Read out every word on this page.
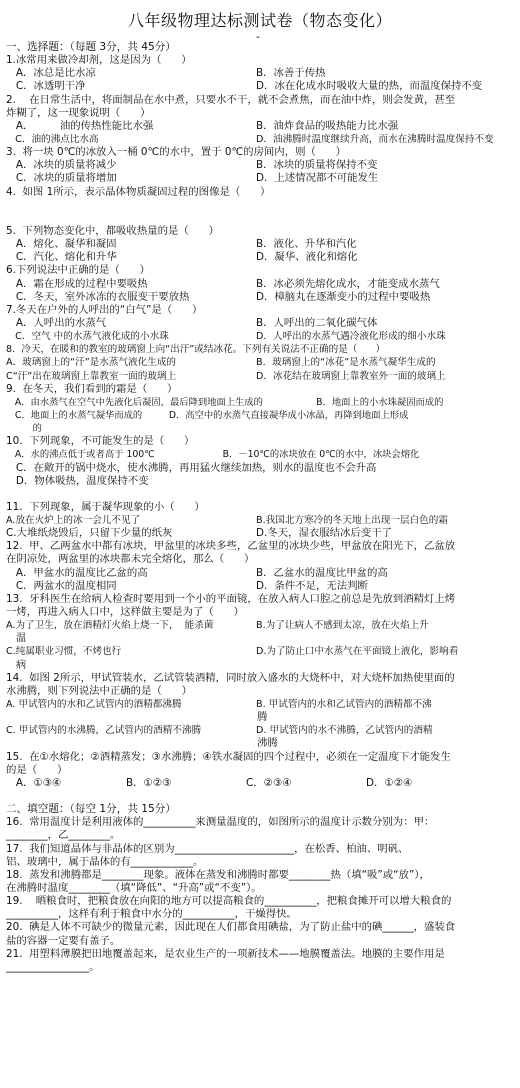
八年级物理达标测试卷（物态变化）
-
一、选择题：（每题 3分，共 45分）
1.冰常用来做冷却剂，这是因为（      ）
A．冰总是比水凉	B．冰善于传热
C．冰透明干净	D．冰在化成水时吸收大量的热，而温度保持不变
2.    在日常生活中，将面制品在水中煮，只要水不干，就不会煮焦，而在油中炸，则会发黄，甚至
炸糊了，这一现象说明（      ）
A．        油的传热性能比水强	B．油炸食品的吸热能力比水强
C．油的沸点比水高	D．油沸腾时温度继续升高，而水在沸腾时温度保持不变
3.  将一块 0℃的冰放入一桶 0℃的水中，置于 0℃的房间内，则（      ）
A．冰块的质量将减少	B．冰块的质量将保持不变
C．冰块的质量将增加	D．上述情况都不可能发生
4.  如图 1所示，表示晶体物质凝固过程的图像是（      ）
5.  下列物态变化中，都吸收热量的是（      ）
A．熔化、凝华和凝固	B．液化、升华和汽化
C．汽化、熔化和升华	D．凝华、液化和熔化
6.下列说法中正确的是（      ）
A．霜在形成的过程中要吸热	B．冰必须先熔化成水，才能变成水蒸气
C．冬天，室外冰冻的衣服变干要放热	D．樟脑丸在逐渐变小的过程中要吸热
7.冬天在户外的人呼出的“白气”是（      ）
A．人呼出的水蒸气	B．人呼出的二氧化碳气体
C．空气 中的水蒸气液化成的小水珠	D．人呼出的水蒸气遇冷液化形成的细小水珠
8.  冷天，在暖和的教室的玻璃窗上向“出汗”或结冰花。下列有关说法不正确的是（      ）
A．玻璃窗上的“汗”是水蒸气液化生成的	B．玻璃窗上的“冰花”是水蒸气凝华生成的
C“汗”出在玻璃窗上靠教室一面的玻璃上	D．冰花结在玻璃窗上靠教室外一面的玻璃上
9.  在冬天，我们看到的霜是（      ）
A．由水蒸气在空气中先液化后凝固，最后降到地面上生成的                  B．地面上的小水珠凝固而成的
C．地面上的水蒸气凝华而成的         D．高空中的水蒸气直接凝华成小冰晶，再降到地面上形成
的
10.  下列现象，不可能发生的是（      ）
A．水的沸点低于或者高于 100℃                       B．－10℃的冰块放在 0℃的水中，冰块会熔化
C．在敞开的锅中烧水，使水沸腾，再用猛火继续加热，则水的温度也不会升高
D．物体吸热，温度保持不变
11.  下列现象，属于凝华现象的小（      ）
A.放在火炉上的冰一会儿不见了	B.我国北方寒冷的冬天地上出现一层白色的霜
C.大堆纸烧毁后，只留下少量的纸灰	D.冬天，湿衣服结冰后变干了
12.  甲、乙两盆水中都有冰块，甲盆里的冰块多些，乙盆里的冰块少些，甲盆放在阳光下，乙盆放
在阴凉处，两盆里的冰块都未完全熔化，那么（      ）
A．甲盆水的温度比乙盆的高	B．乙盆水的温度比甲盆的高
C．两盆水的温度相同	D．条件不足，无法判断
13.  牙科医生在给病人检查时要用到一个小的平面镜，在放入病人口腔之前总是先放到酒精灯上烤
一烤，再进入病人口中，这样做主要是为了（      ）
A.为了卫生，放在酒精灯火焰上烧一下，  能杀菌	B.为了让病人不感到太凉，放在火焰上升
温
C.纯属职业习惯，不烤也行	D.为了防止口中水蒸气在平面镜上液化，影响看
病
14.  如图 2所示，甲试管装水，乙试管装酒精，同时放入盛水的大烧杯中，对大烧杯加热使里面的
水沸腾，则下列说法中正确的是（      ）
A. 甲试管内的水和乙试管内的酒精都沸腾	B. 甲试管内的水和乙试管内的酒精都不沸
腾
C. 甲试管内的水沸腾，乙试管内的酒精不沸腾	D. 甲试管内的水不沸腾，乙试管内的酒精
沸腾
15.  在①水熔化；②酒精蒸发；③水沸腾；④铁水凝固的四个过程中，必须在一定温度下才能发生
的是（      ）
A．①③④	B．①②③	C．②③④	D．①②④
二、填空题：（每空 1分，共 15分）
16.  常用温度计是利用液体的__________来测量温度的，如图所示的温度计示数分别为：甲：
________，乙________。
17.  我们知道晶体与非晶体的区别为_______________________，在松香、柏油、明矾、
铝、玻璃中，属于晶体的有____________。
18.  蒸发和沸腾都是________现象。液体在蒸发和沸腾时都要________热（填“吸”或“放”），
在沸腾时温度________（填“降低”、“升高”或“不变”）。
19.    晒粮食时，把粮食放在向阳的地方可以提高粮食的__________，把粮食摊开可以增大粮食的
__________，这样有利于粮食中水分的__________，干燥得快。
20.  碘是人体不可缺少的微量元素，因此现在人们都食用碘盐，为了防止盐中的碘______，盛装食
盐的容器一定要有盖子。
21.  用塑料薄膜把田地覆盖起来，是农业生产的一项新技术——地膜覆盖法。地膜的主要作用是
________________。
